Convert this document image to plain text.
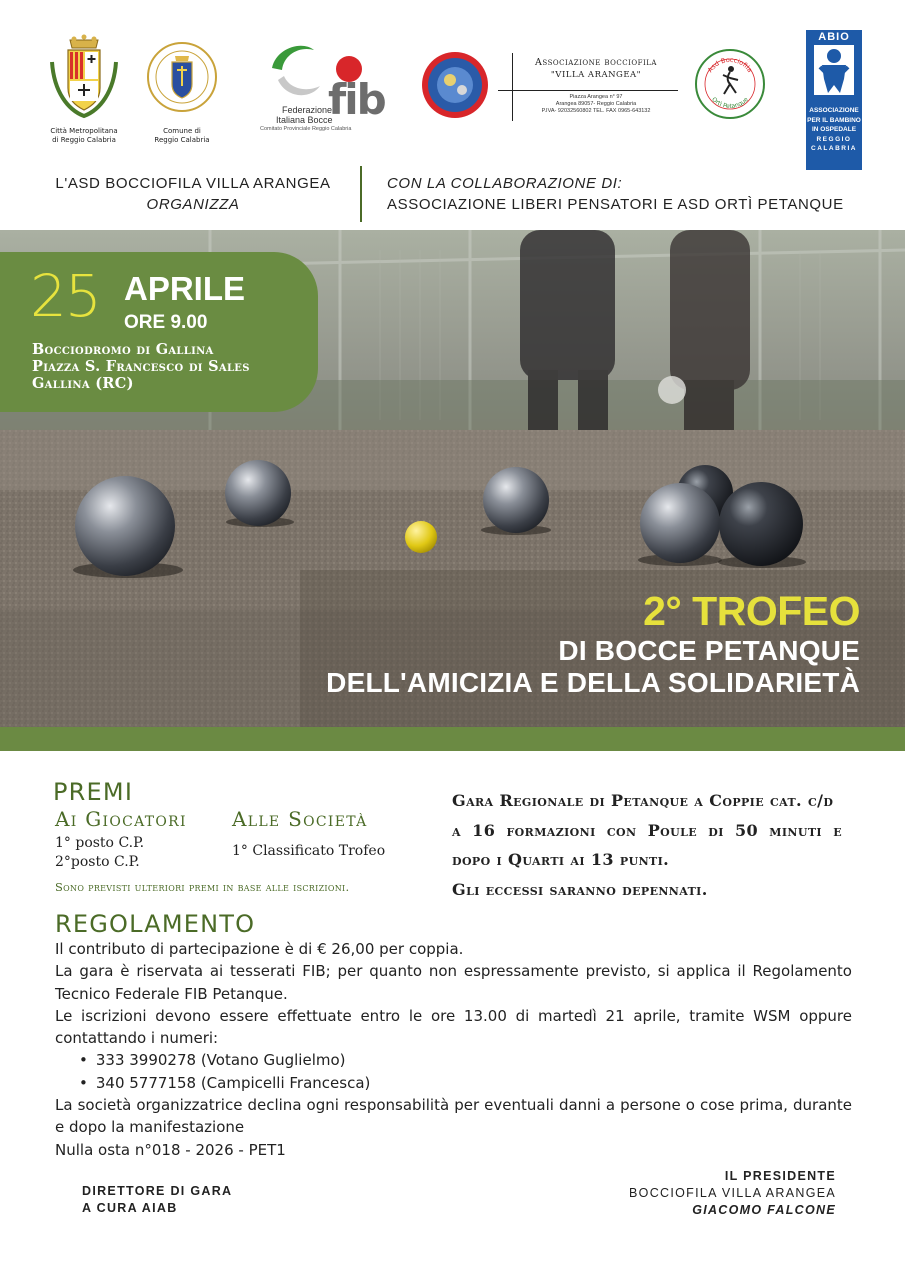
Città Metropolitana
di Reggio Calabria
Comune di
Reggio Calabria
fib
Federazione
Italiana Bocce
Comitato Provinciale Reggio Calabria
Associazione bocciofila
"VILLA ARANGEA"
Piazza Arangea n° 97
Arangea 89057- Reggio Calabria
P.IVA- 92032560802 TEL. FAX 0965-643132
Asd Bocciofila
Ortì Petanque
ABIO
ASSOCIAZIONE
PER IL BAMBINO
IN OSPEDALE
REGGIO
CALABRIA
L'ASD BOCCIOFILA VILLA ARANGEA
ORGANIZZA
CON LA COLLABORAZIONE DI:
ASSOCIAZIONE LIBERI PENSATORI E ASD ORTÌ PETANQUE
25 APRILE
ORE 9.00
Bocciodromo di Gallina
Piazza S. Francesco di Sales
Gallina (RC)
2° TROFEO
DI BOCCE PETANQUE
DELL'AMICIZIA E DELLA SOLIDARIETÀ
PREMI
Ai Giocatori
1° posto C.P.
2°posto C.P.
Alle Società
1° Classificato Trofeo
Sono previsti ulteriori premi in base alle iscrizioni.
Gara Regionale di Petanque a Coppie cat. c/d
a 16 formazioni con Poule di 50 minuti e
dopo i Quarti ai 13 punti.
Gli eccessi saranno depennati.
REGOLAMENTO

Il contributo di partecipazione è di € 26,00 per coppia.

La gara è riservata ai tesserati FIB; per quanto non espressamente previsto, si applica il Regolamento Tecnico Federale FIB Petanque.

Le iscrizioni devono essere effettuate entro le ore 13.00 di martedì 21 aprile, tramite WSM oppure contattando i numeri:

• 333 3990278 (Votano Guglielmo)
• 340 5777158 (Campicelli Francesca)

La società organizzatrice declina ogni responsabilità per eventuali danni a persone o cose prima, durante e dopo la manifestazione

Nulla osta n°018 - 2026 - PET1

DIRETTORE DI GARA
A CURA AIAB
IL PRESIDENTE
BOCCIOFILA VILLA ARANGEA
GIACOMO FALCONE
